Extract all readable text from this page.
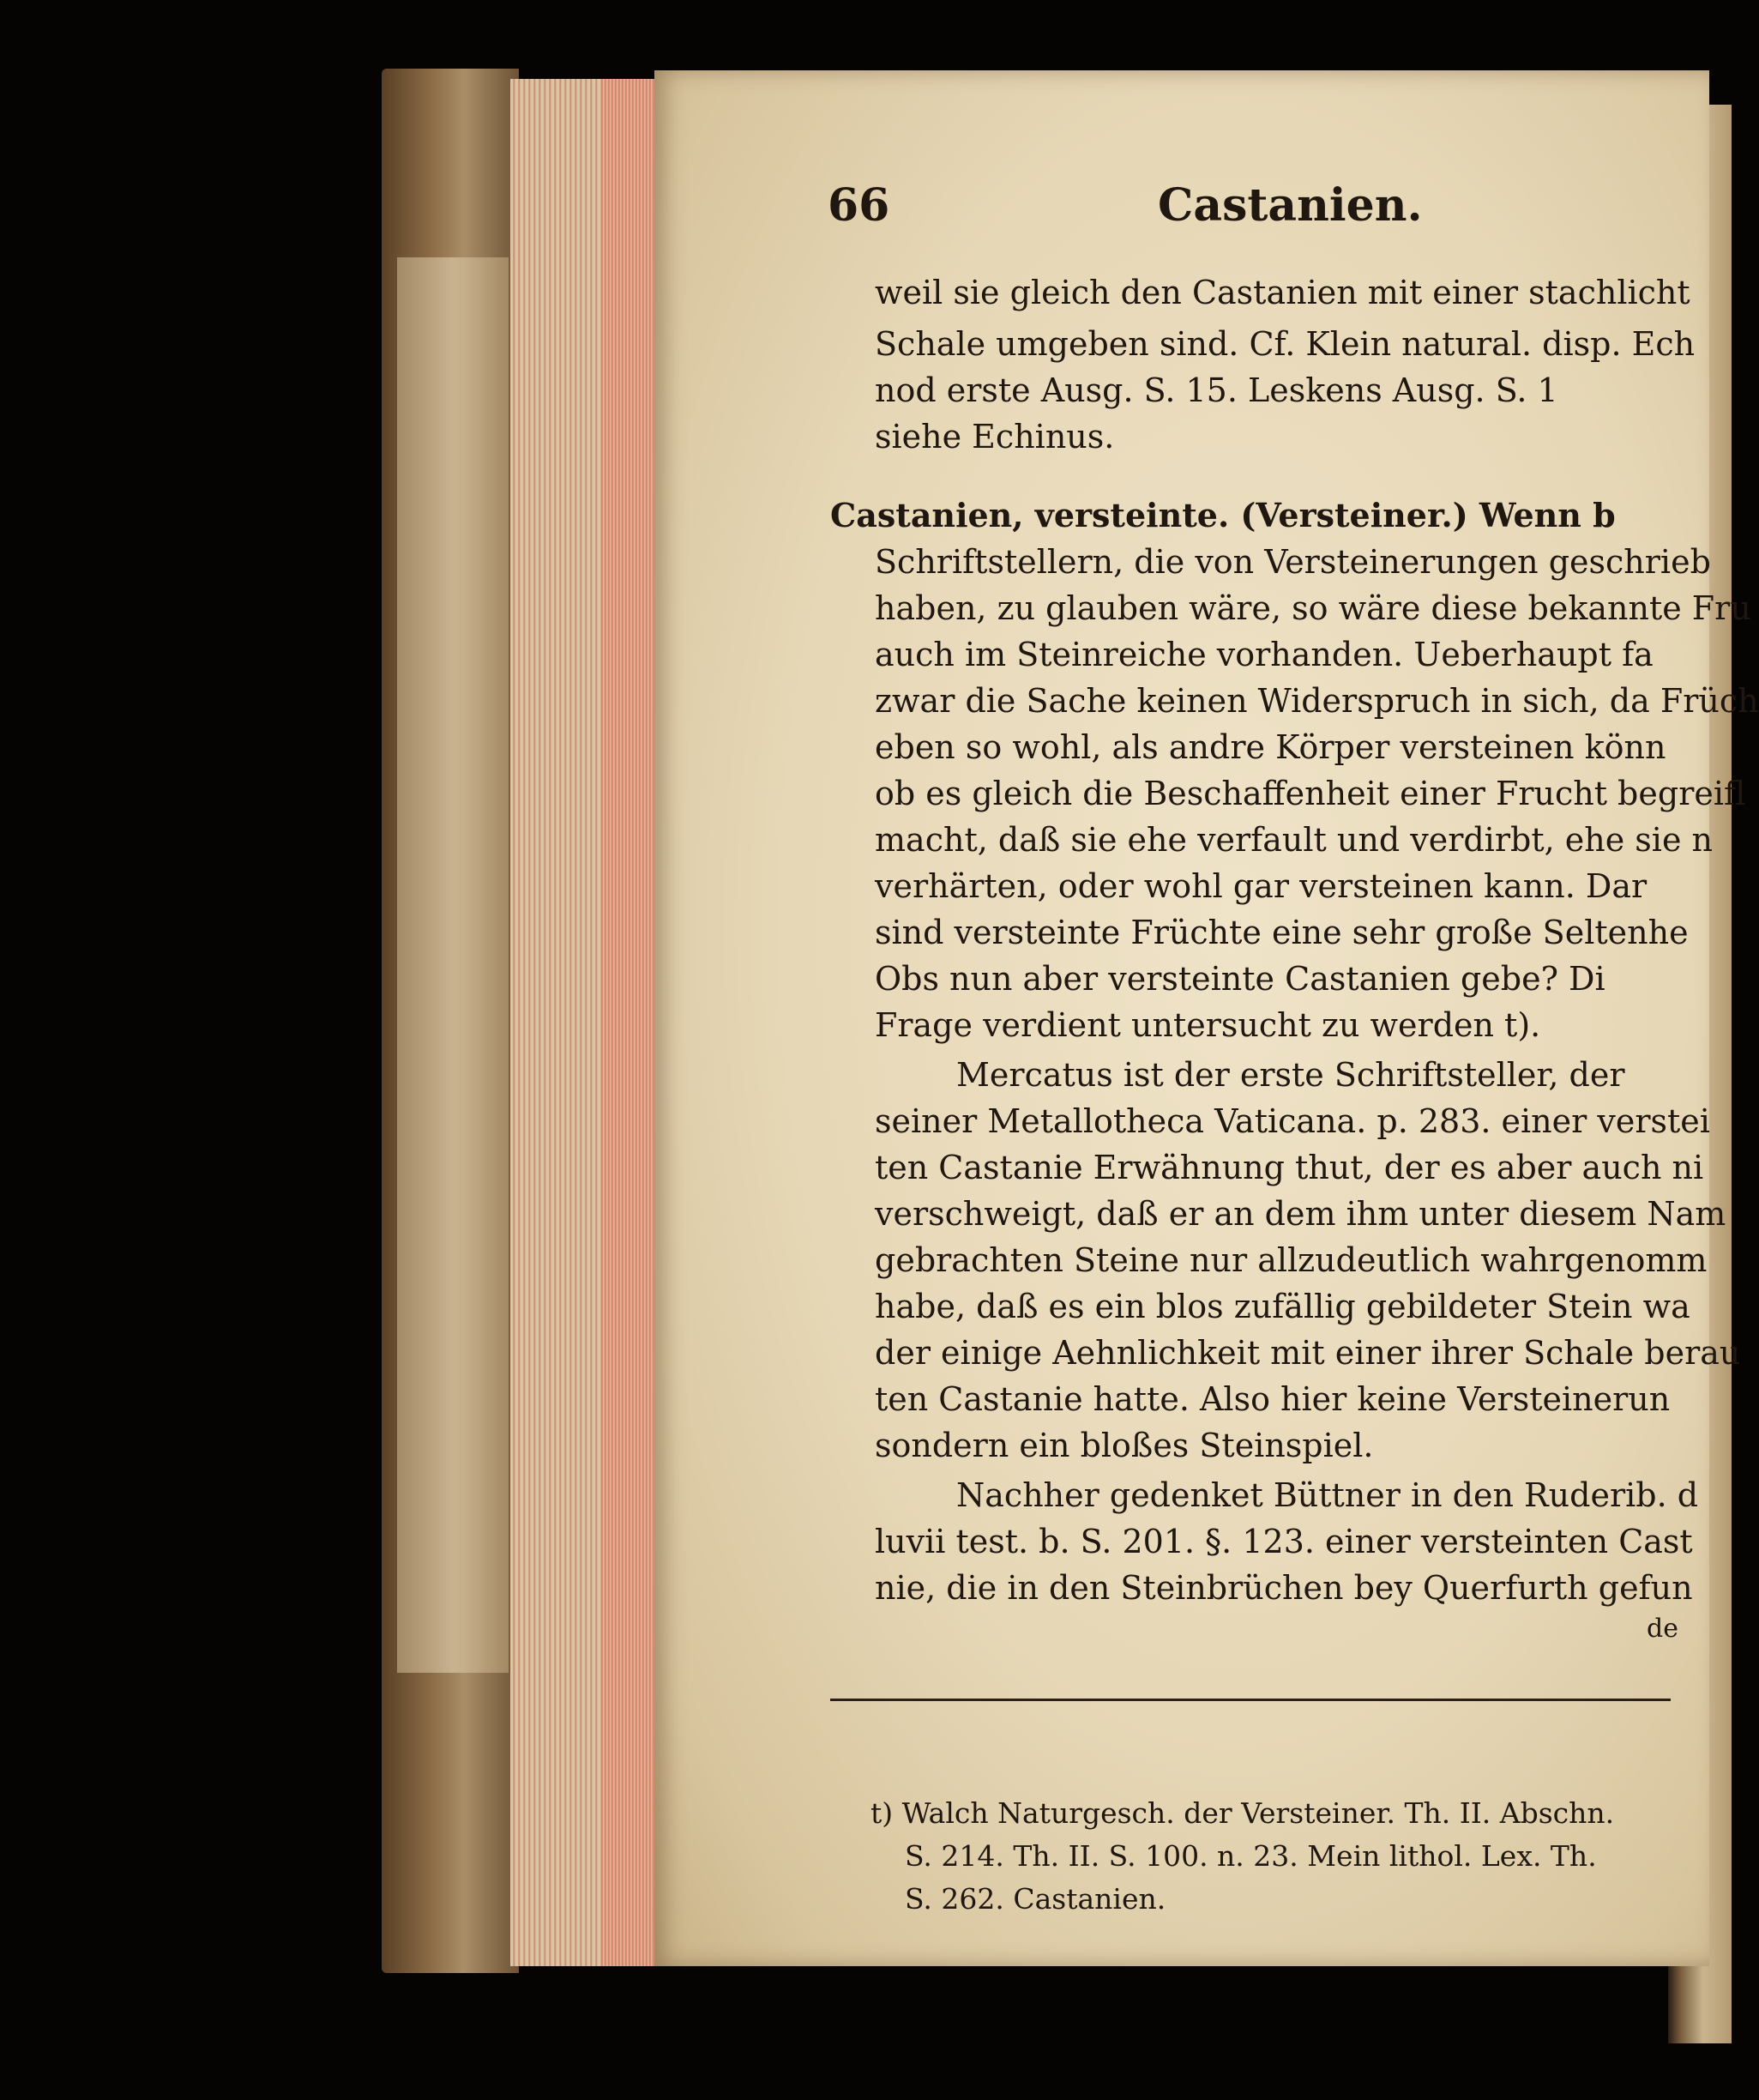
66	Castanien.
weil sie gleich den Castanien mit einer stachlicht
Schale umgeben sind. Cf. Klein natural. disp. Ech
nod erste Ausg. S. 15. Leskens Ausg. S. 1
siehe Echinus.
Castanien, versteinte. (Versteiner.) Wenn b
Schriftstellern, die von Versteinerungen geschrieb
haben, zu glauben wäre, so wäre diese bekannte Fru
auch im Steinreiche vorhanden. Ueberhaupt fa
zwar die Sache keinen Widerspruch in sich, da Früch
eben so wohl, als andre Körper versteinen könn
ob es gleich die Beschaffenheit einer Frucht begreifl
macht, daß sie ehe verfault und verdirbt, ehe sie n
verhärten, oder wohl gar versteinen kann. Dar
sind versteinte Früchte eine sehr große Seltenhe
Obs nun aber versteinte Castanien gebe? Di
Frage verdient untersucht zu werden t).
Mercatus ist der erste Schriftsteller, der
seiner Metallotheca Vaticana. p. 283. einer verstei
ten Castanie Erwähnung thut, der es aber auch ni
verschweigt, daß er an dem ihm unter diesem Nam
gebrachten Steine nur allzudeutlich wahrgenomm
habe, daß es ein blos zufällig gebildeter Stein wa
der einige Aehnlichkeit mit einer ihrer Schale berau
ten Castanie hatte. Also hier keine Versteinerun
sondern ein bloßes Steinspiel.
Nachher gedenket Büttner in den Ruderib. d
luvii test. b. S. 201. §. 123. einer versteinten Cast
nie, die in den Steinbrüchen bey Querfurth gefun
de
t) Walch Naturgesch. der Versteiner. Th. II. Abschn.
S. 214. Th. II. S. 100. n. 23. Mein lithol. Lex. Th.
S. 262. Castanien.
